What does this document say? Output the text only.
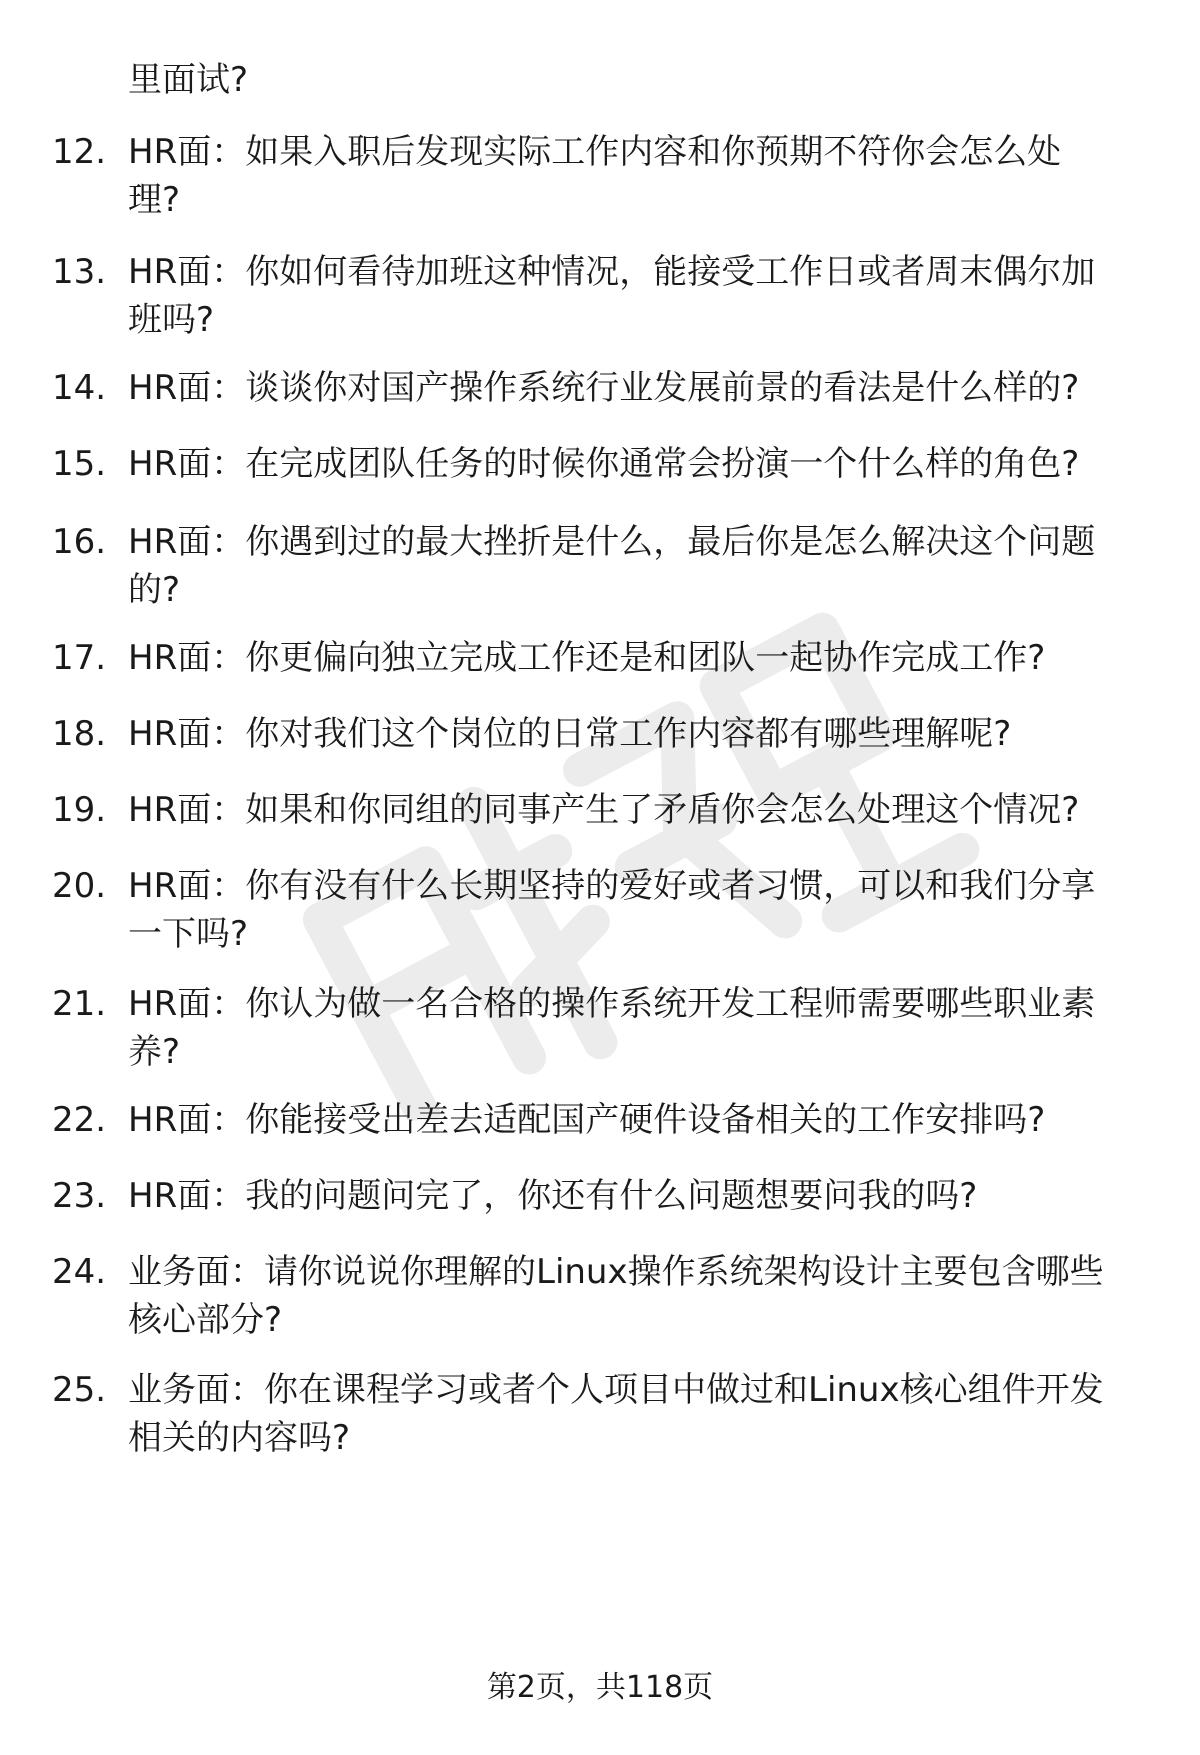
里面试?
12. HR面：如果入职后发现实际工作内容和你预期不符你会怎么处
理?
13. HR面：你如何看待加班这种情况，能接受工作日或者周末偶尔加
班吗?
14. HR面：谈谈你对国产操作系统行业发展前景的看法是什么样的?
15. HR面：在完成团队任务的时候你通常会扮演一个什么样的角色?
16. HR面：你遇到过的最大挫折是什么，最后你是怎么解决这个问题
的?
17. HR面：你更偏向独立完成工作还是和团队一起协作完成工作?
18. HR面：你对我们这个岗位的日常工作内容都有哪些理解呢?
19. HR面：如果和你同组的同事产生了矛盾你会怎么处理这个情况?
20. HR面：你有没有什么长期坚持的爱好或者习惯，可以和我们分享
一下吗?
21. HR面：你认为做一名合格的操作系统开发工程师需要哪些职业素
养?
22. HR面：你能接受出差去适配国产硬件设备相关的工作安排吗?
23. HR面：我的问题问完了，你还有什么问题想要问我的吗?
24. 业务面：请你说说你理解的Linux操作系统架构设计主要包含哪些
核心部分?
25. 业务面：你在课程学习或者个人项目中做过和Linux核心组件开发
相关的内容吗?
第2页，共118页
